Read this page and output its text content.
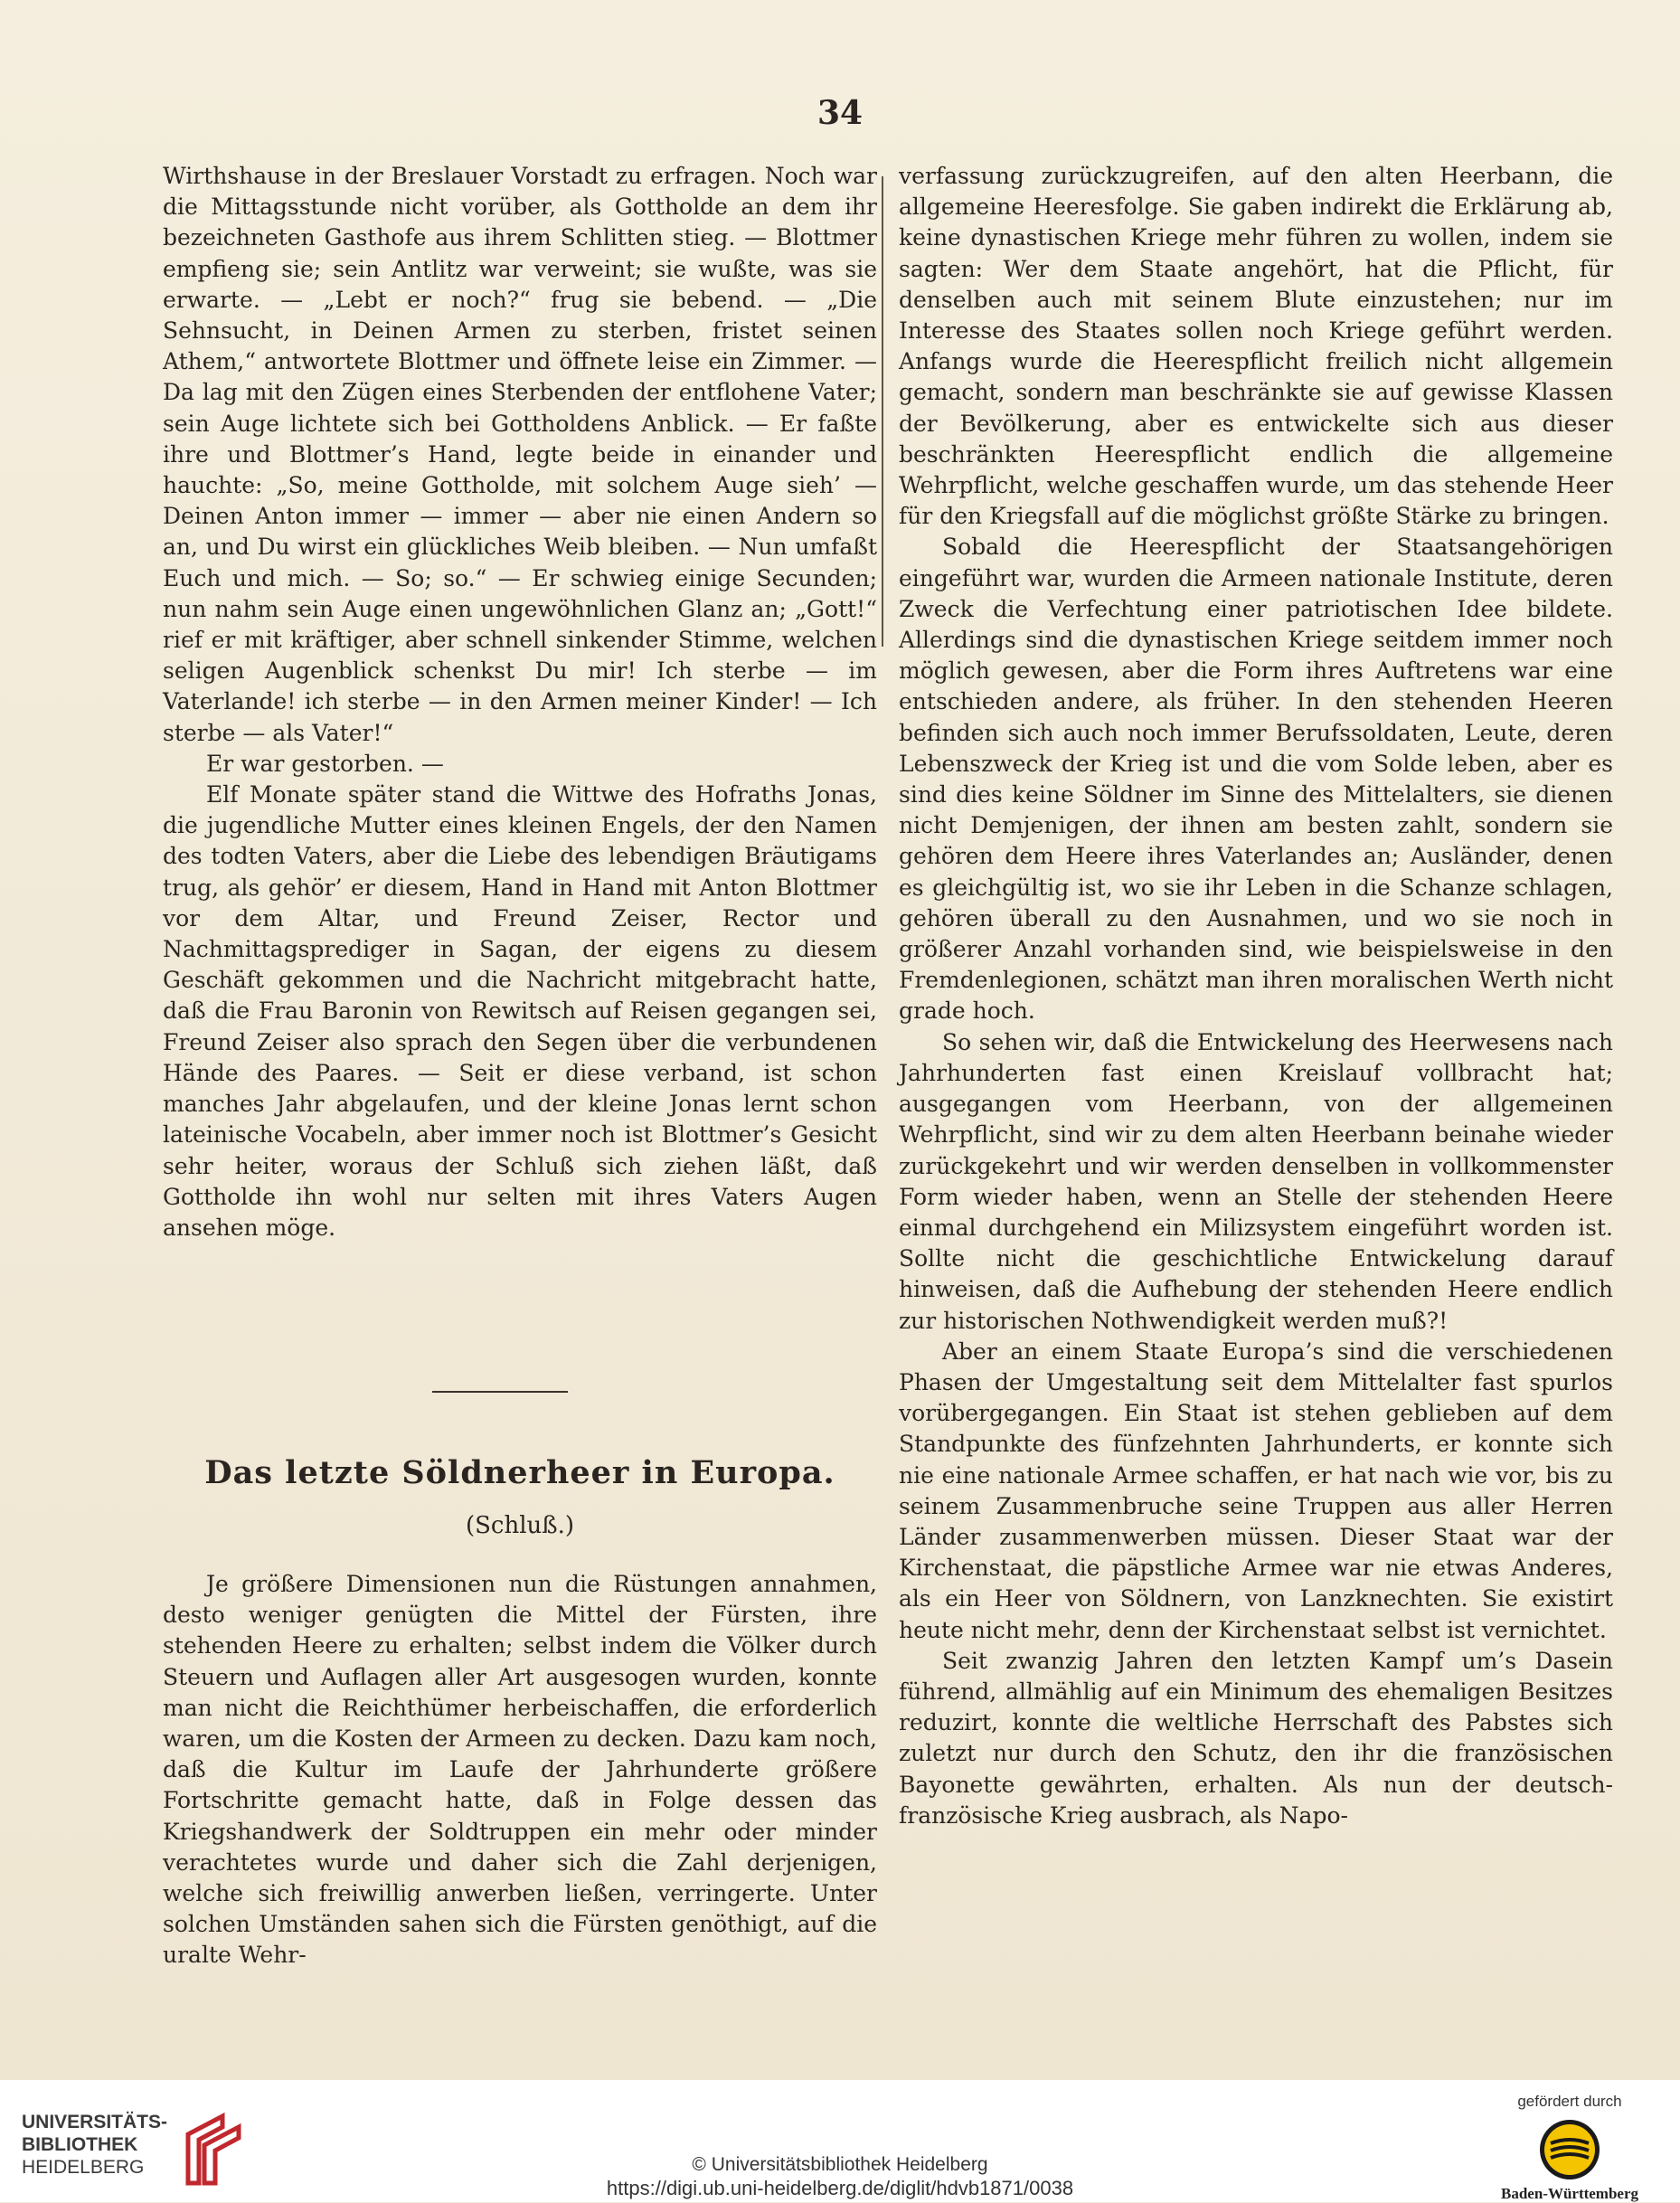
34

Wirthshause in der Breslauer Vorstadt zu erfragen. Noch war die Mittagsstunde nicht vorüber, als Gottholde an dem ihr bezeichneten Gasthofe aus ihrem Schlitten stieg. — Blottmer empfieng sie; sein Antlitz war verweint; sie wußte, was sie erwarte. — „Lebt er noch?“ frug sie bebend. — „Die Sehnsucht, in Deinen Armen zu sterben, fristet seinen Athem,“ antwortete Blottmer und öffnete leise ein Zimmer. — Da lag mit den Zügen eines Sterbenden der entflohene Vater; sein Auge lichtete sich bei Gottholdens Anblick. — Er faßte ihre und Blottmer’s Hand, legte beide in einander und hauchte: „So, meine Gottholde, mit solchem Auge sieh’ — Deinen Anton immer — immer — aber nie einen Andern so an, und Du wirst ein glückliches Weib bleiben. — Nun umfaßt Euch und mich. — So; so.“ — Er schwieg einige Secunden; nun nahm sein Auge einen ungewöhnlichen Glanz an; „Gott!“ rief er mit kräftiger, aber schnell sinkender Stimme, welchen seligen Augenblick schenkst Du mir! Ich sterbe — im Vaterlande! ich sterbe — in den Armen meiner Kinder! — Ich sterbe — als Vater!“

Er war gestorben. —

Elf Monate später stand die Wittwe des Hofraths Jonas, die jugendliche Mutter eines kleinen Engels, der den Namen des todten Vaters, aber die Liebe des lebendigen Bräutigams trug, als gehör’ er diesem, Hand in Hand mit Anton Blottmer vor dem Altar, und Freund Zeiser, Rector und Nachmittagsprediger in Sagan, der eigens zu diesem Geschäft gekommen und die Nachricht mitgebracht hatte, daß die Frau Baronin von Rewitsch auf Reisen gegangen sei, Freund Zeiser also sprach den Segen über die verbundenen Hände des Paares. — Seit er diese verband, ist schon manches Jahr abgelaufen, und der kleine Jonas lernt schon lateinische Vocabeln, aber immer noch ist Blottmer’s Gesicht sehr heiter, woraus der Schluß sich ziehen läßt, daß Gottholde ihn wohl nur selten mit ihres Vaters Augen ansehen möge.

Das letzte Söldnerheer in Europa.
(Schluß.)

Je größere Dimensionen nun die Rüstungen annahmen, desto weniger genügten die Mittel der Fürsten, ihre stehenden Heere zu erhalten; selbst indem die Völker durch Steuern und Auflagen aller Art ausgesogen wurden, konnte man nicht die Reichthümer herbeischaffen, die erforderlich waren, um die Kosten der Armeen zu decken. Dazu kam noch, daß die Kultur im Laufe der Jahrhunderte größere Fortschritte gemacht hatte, daß in Folge dessen das Kriegshandwerk der Soldtruppen ein mehr oder minder verachtetes wurde und daher sich die Zahl derjenigen, welche sich freiwillig anwerben ließen, verringerte. Unter solchen Umständen sahen sich die Fürsten genöthigt, auf die uralte Wehr-

verfassung zurückzugreifen, auf den alten Heerbann, die allgemeine Heeresfolge. Sie gaben indirekt die Erklärung ab, keine dynastischen Kriege mehr führen zu wollen, indem sie sagten: Wer dem Staate angehört, hat die Pflicht, für denselben auch mit seinem Blute einzustehen; nur im Interesse des Staates sollen noch Kriege geführt werden. Anfangs wurde die Heerespflicht freilich nicht allgemein gemacht, sondern man beschränkte sie auf gewisse Klassen der Bevölkerung, aber es entwickelte sich aus dieser beschränkten Heerespflicht endlich die allgemeine Wehrpflicht, welche geschaffen wurde, um das stehende Heer für den Kriegsfall auf die möglichst größte Stärke zu bringen.

Sobald die Heerespflicht der Staatsangehörigen eingeführt war, wurden die Armeen nationale Institute, deren Zweck die Verfechtung einer patriotischen Idee bildete. Allerdings sind die dynastischen Kriege seitdem immer noch möglich gewesen, aber die Form ihres Auftretens war eine entschieden andere, als früher. In den stehenden Heeren befinden sich auch noch immer Berufssoldaten, Leute, deren Lebenszweck der Krieg ist und die vom Solde leben, aber es sind dies keine Söldner im Sinne des Mittelalters, sie dienen nicht Demjenigen, der ihnen am besten zahlt, sondern sie gehören dem Heere ihres Vaterlandes an; Ausländer, denen es gleichgültig ist, wo sie ihr Leben in die Schanze schlagen, gehören überall zu den Ausnahmen, und wo sie noch in größerer Anzahl vorhanden sind, wie beispielsweise in den Fremdenlegionen, schätzt man ihren moralischen Werth nicht grade hoch.

So sehen wir, daß die Entwickelung des Heerwesens nach Jahrhunderten fast einen Kreislauf vollbracht hat; ausgegangen vom Heerbann, von der allgemeinen Wehrpflicht, sind wir zu dem alten Heerbann beinahe wieder zurückgekehrt und wir werden denselben in vollkommenster Form wieder haben, wenn an Stelle der stehenden Heere einmal durchgehend ein Milizsystem eingeführt worden ist. Sollte nicht die geschichtliche Entwickelung darauf hinweisen, daß die Aufhebung der stehenden Heere endlich zur historischen Nothwendigkeit werden muß?!

Aber an einem Staate Europa’s sind die verschiedenen Phasen der Umgestaltung seit dem Mittelalter fast spurlos vorübergegangen. Ein Staat ist stehen geblieben auf dem Standpunkte des fünfzehnten Jahrhunderts, er konnte sich nie eine nationale Armee schaffen, er hat nach wie vor, bis zu seinem Zusammenbruche seine Truppen aus aller Herren Länder zusammenwerben müssen. Dieser Staat war der Kirchenstaat, die päpstliche Armee war nie etwas Anderes, als ein Heer von Söldnern, von Lanzknechten. Sie existirt heute nicht mehr, denn der Kirchenstaat selbst ist vernichtet.

Seit zwanzig Jahren den letzten Kampf um’s Dasein führend, allmählig auf ein Minimum des ehemaligen Besitzes reduzirt, konnte die weltliche Herrschaft des Pabstes sich zuletzt nur durch den Schutz, den ihr die französischen Bayonette gewährten, erhalten. Als nun der deutsch-französische Krieg ausbrach, als Napo-

UNIVERSITÄTS-
BIBLIOTHEK
HEIDELBERG	© Universitätsbibliothek Heidelberg
https://digi.ub.uni-heidelberg.de/diglit/hdvb1871/0038
gefördert durch
Baden-Württemberg
